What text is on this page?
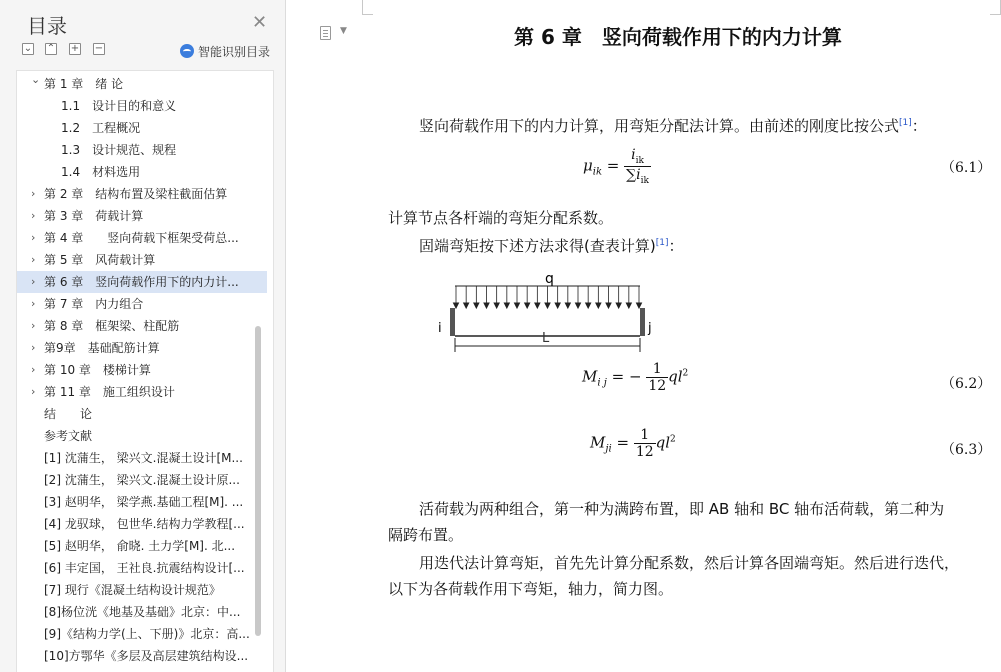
目录	✕
⌄ ⌃ + −	智能识别目录
⌄ 第 1 章　绪 论
1.1　设计目的和意义
1.2　工程概况
1.3　设计规范、规程
1.4　材料选用
› 第 2 章　结构布置及梁柱截面估算
› 第 3 章　荷载计算
› 第 4 章　　竖向荷载下框架受荷总...
› 第 5 章　风荷载计算
› 第 6 章　竖向荷载作用下的内力计...
› 第 7 章　内力组合
› 第 8 章　框架梁、柱配筋
› 第9章　基础配筋计算
› 第 10 章　楼梯计算
› 第 11 章　施工组织设计
结　　论
参考文献
[1] 沈蒲生， 梁兴文.混凝土设计[M...
[2] 沈蒲生， 梁兴文.混凝土设计原...
[3] 赵明华， 梁学燕.基础工程[M]. ...
[4] 龙驭球， 包世华.结构力学教程[...
[5] 赵明华， 俞晓. 土力学[M]. 北...
[6] 丰定国， 王社良.抗震结构设计[...
[7] 现行《混凝土结构设计规范》
[8]杨位洸《地基及基础》北京：中...
[9]《结构力学(上、下册)》北京：高...
[10]方鄂华《多层及高层建筑结构设...
▼	第 6 章　竖向荷载作用下的内力计算
竖向荷载作用下的内力计算，用弯矩分配法计算。由前述的刚度比按公式[1]：
$\mu_{ik} = \frac{i_{ik}}{\sum i_{ik}}$	（6.1）
计算节点各杆端的弯矩分配系数。
固端弯矩按下述方法求得(查表计算)[1]：
q
i	j
L
$M_{i j}$ = − $\frac{1}{12} ql^2$
（6.2）
$M_{ji} = \frac{1}{12} ql^2$
（6.3）
活荷载为两种组合，第一种为满跨布置，即 AB 轴和 BC 轴布活荷载，第二种为
隔跨布置。
用迭代法计算弯矩，首先先计算分配系数，然后计算各固端弯矩。然后进行迭代，
以下为各荷载作用下弯矩，轴力，简力图。
